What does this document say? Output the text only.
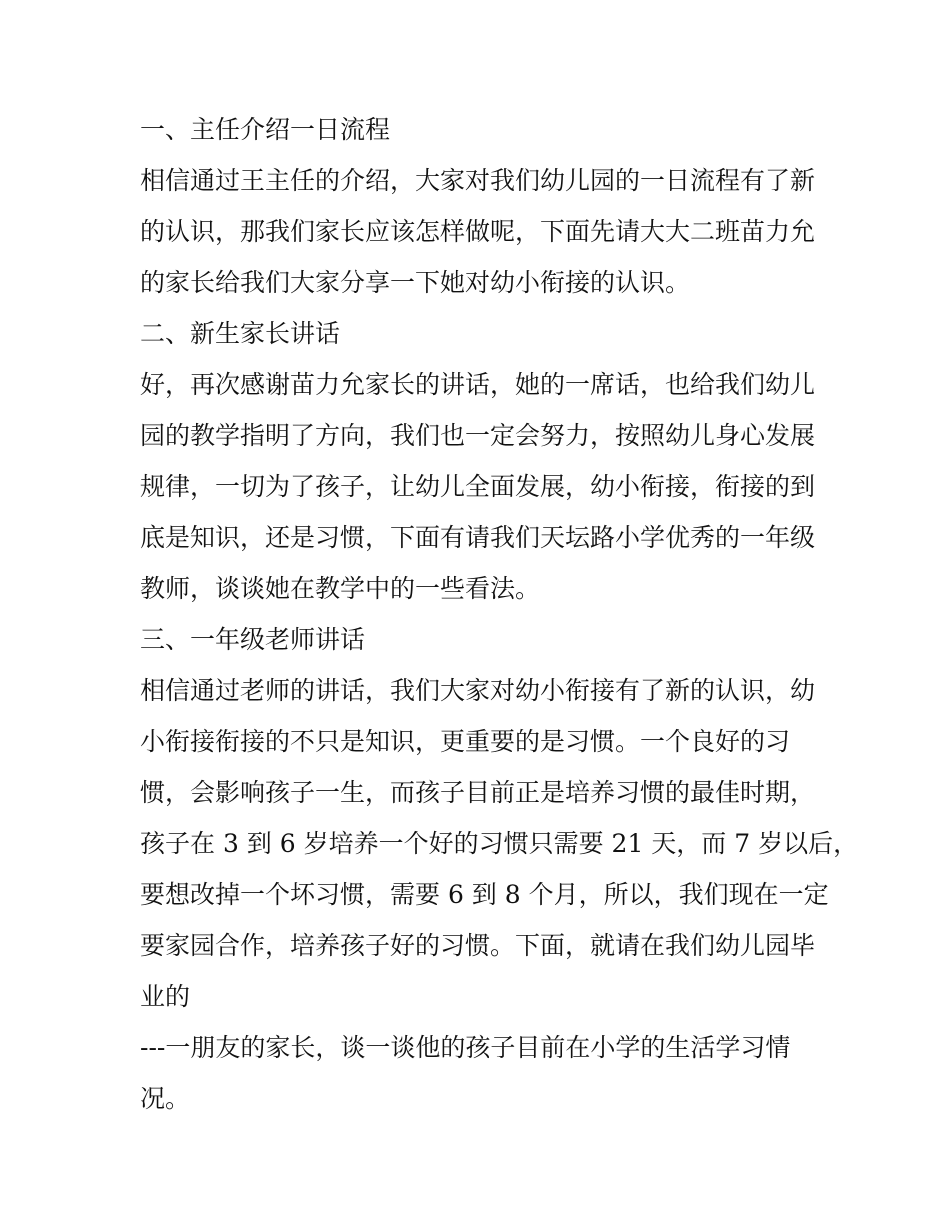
一、主任介绍一日流程

相信通过王主任的介绍，大家对我们幼儿园的一日流程有了新

的认识，那我们家长应该怎样做呢，下面先请大大二班苗力允

的家长给我们大家分享一下她对幼小衔接的认识。

二、新生家长讲话

好，再次感谢苗力允家长的讲话，她的一席话，也给我们幼儿

园的教学指明了方向，我们也一定会努力，按照幼儿身心发展

规律，一切为了孩子，让幼儿全面发展，幼小衔接，衔接的到

底是知识，还是习惯，下面有请我们天坛路小学优秀的一年级

教师，谈谈她在教学中的一些看法。

三、一年级老师讲话

相信通过老师的讲话，我们大家对幼小衔接有了新的认识，幼

小衔接衔接的不只是知识，更重要的是习惯。一个良好的习

惯，会影响孩子一生，而孩子目前正是培养习惯的最佳时期，

孩子在 3 到 6 岁培养一个好的习惯只需要 21 天，而 7 岁以后，

要想改掉一个坏习惯，需要 6 到 8 个月，所以，我们现在一定

要家园合作，培养孩子好的习惯。下面，就请在我们幼儿园毕

业的

---一朋友的家长，谈一谈他的孩子目前在小学的生活学习情

况。
